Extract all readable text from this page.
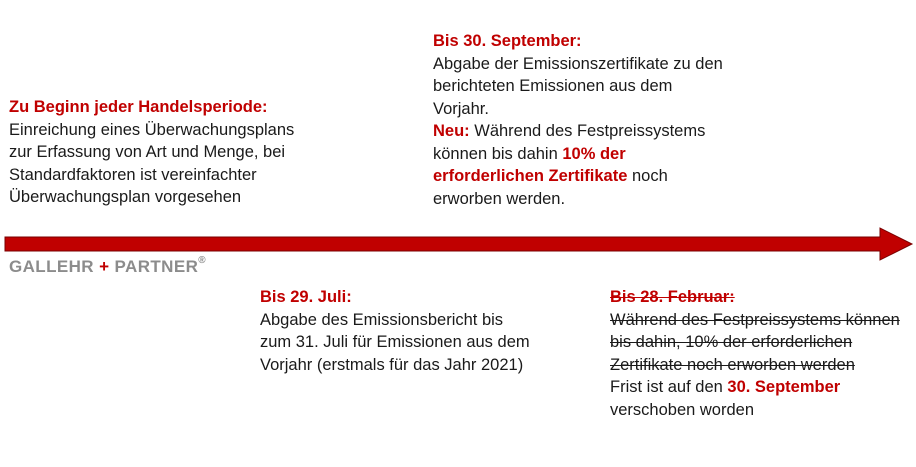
Zu Beginn jeder Handelsperiode:

Einreichung eines Überwachungsplans

zur Erfassung von Art und Menge, bei

Standardfaktoren ist vereinfachter

Überwachungsplan vorgesehen

Bis 30. September:

Abgabe der Emissionszertifikate zu den

berichteten Emissionen aus dem

Vorjahr.

Neu: Während des Festpreissystems

können bis dahin 10% der

erforderlichen Zertifikate noch

erworben werden.

GALLEHR + PARTNER®

Bis 29. Juli:

Abgabe des Emissionsbericht bis

zum 31. Juli für Emissionen aus dem

Vorjahr (erstmals für das Jahr 2021)

Bis 28. Februar:

Während des Festpreissystems können

bis dahin, 10% der erforderlichen

Zertifikate noch erworben werden

Frist ist auf den 30. September

verschoben worden
